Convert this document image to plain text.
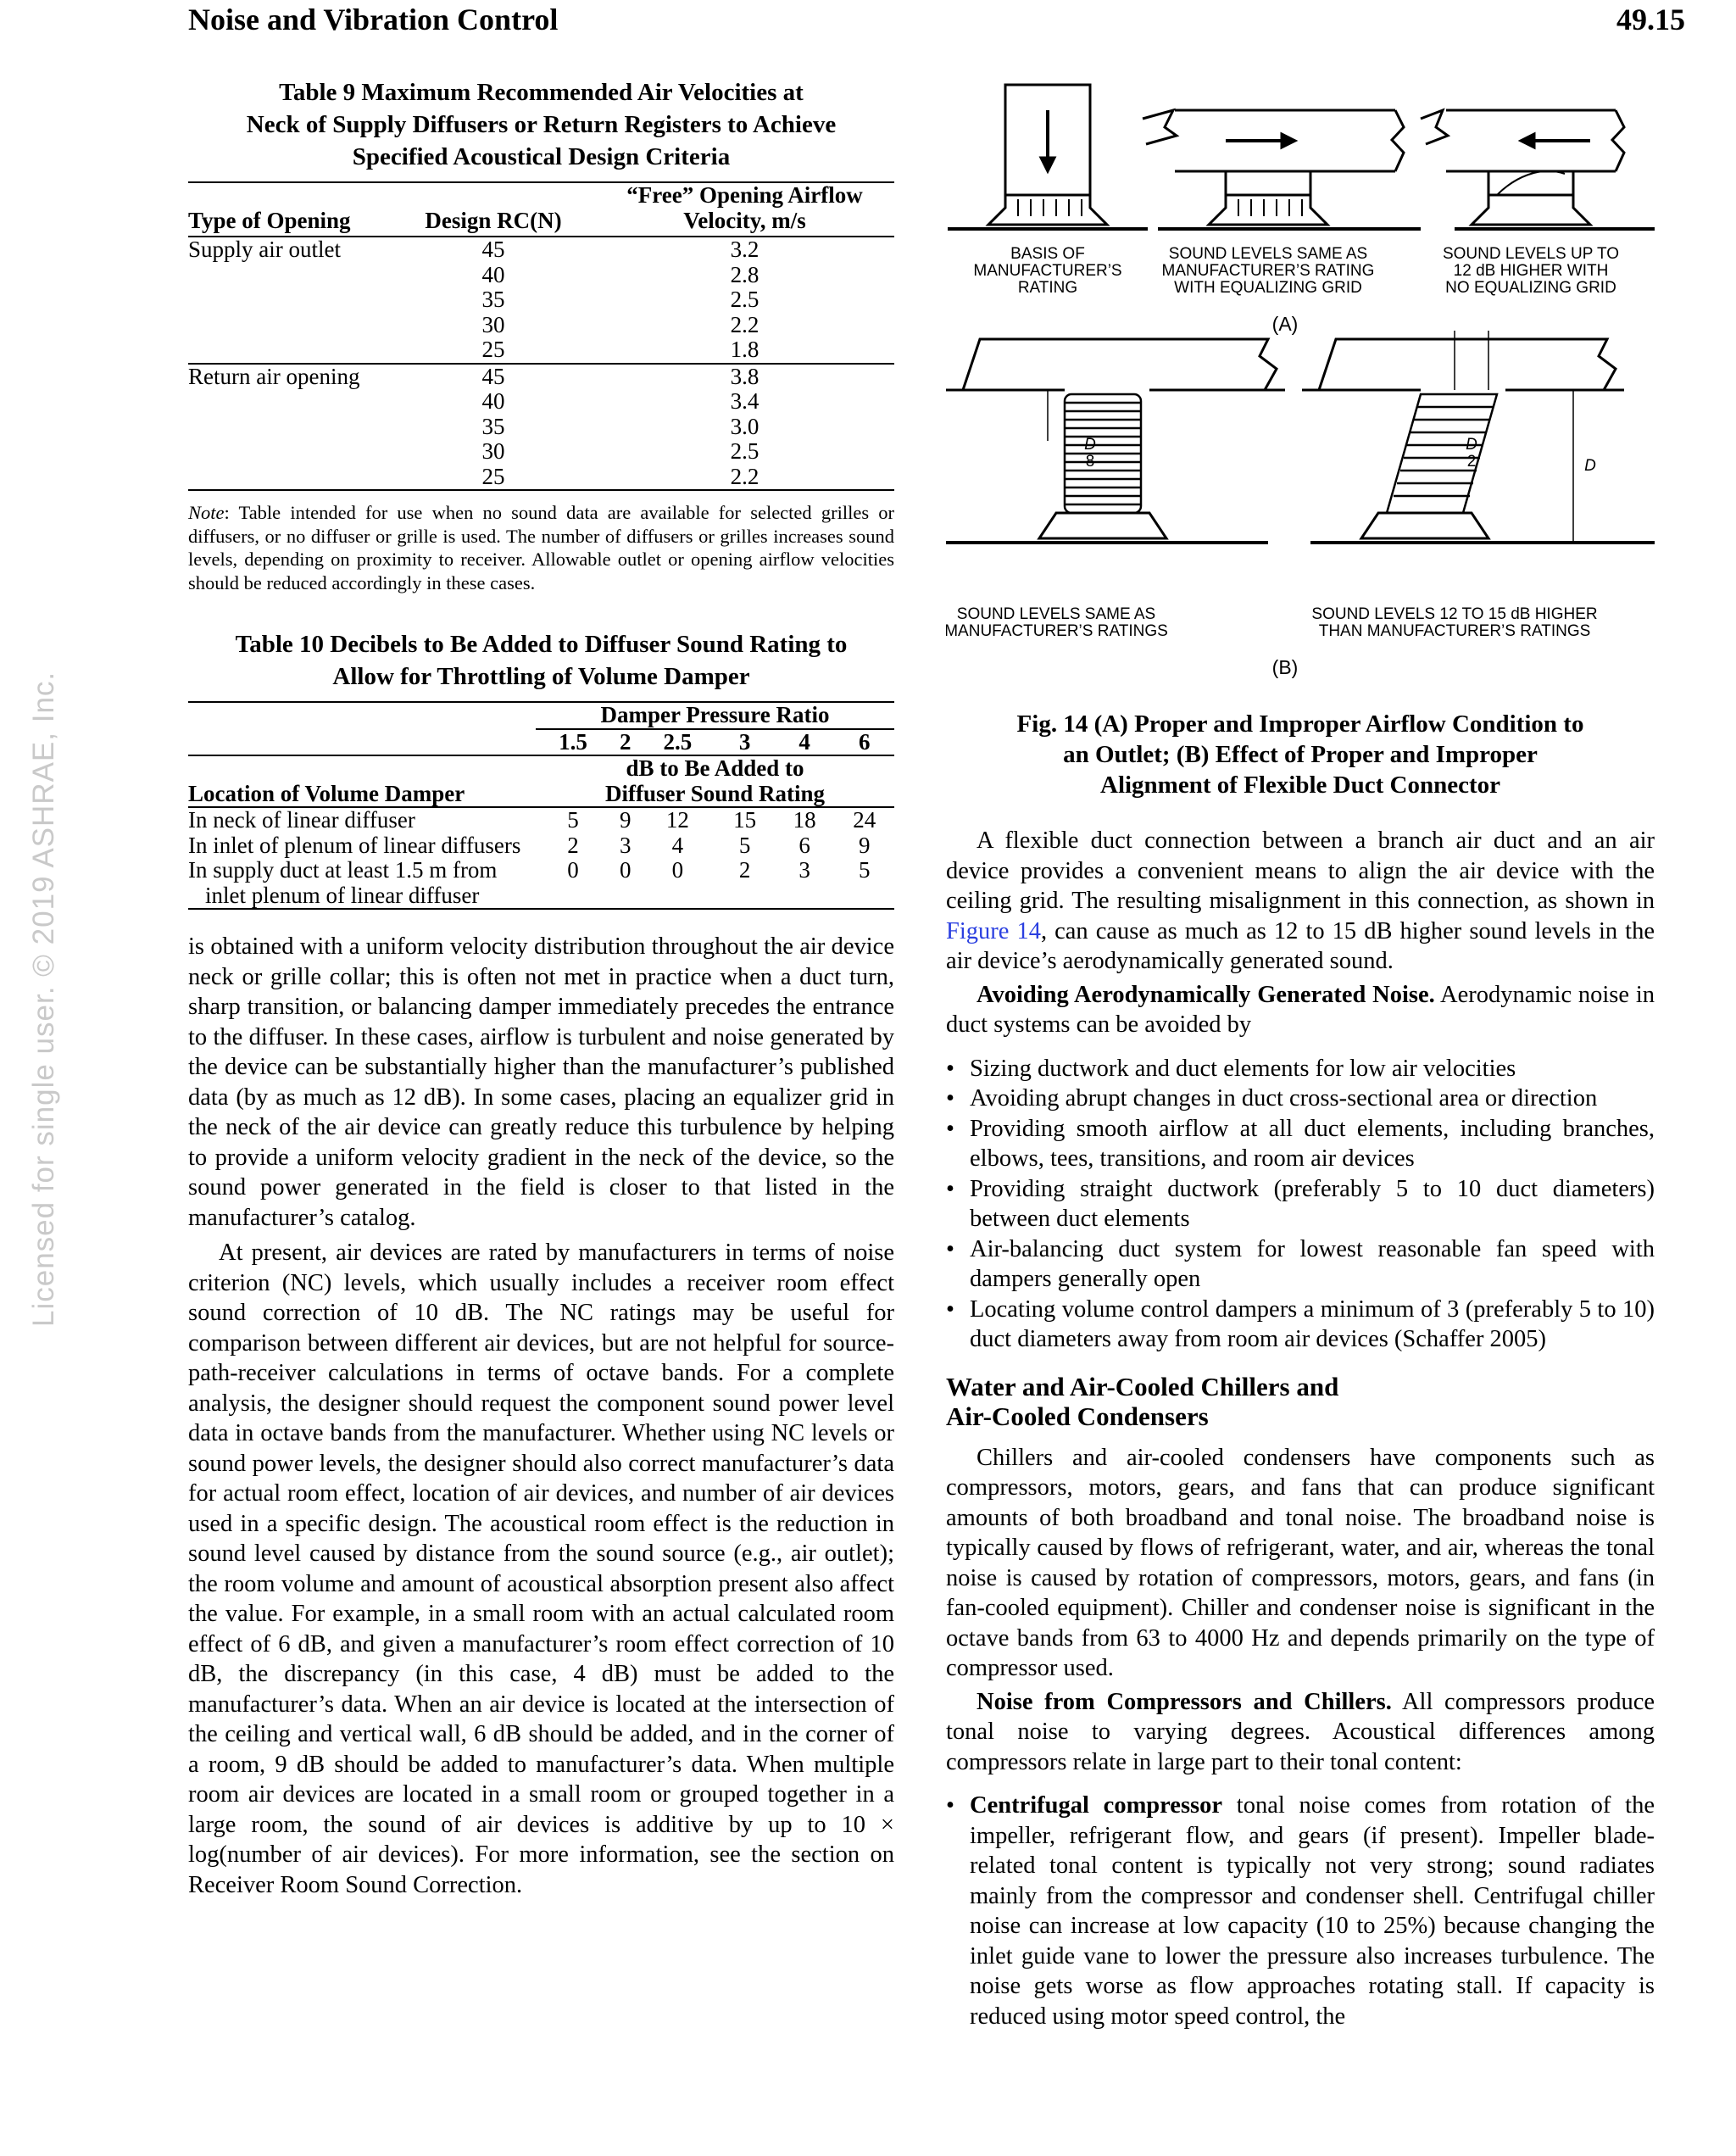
Noise and Vibration Control	49.15
Licensed for single user. © 2019 ASHRAE, Inc.
Table 9 Maximum Recommended Air Velocities at
Neck of Supply Diffusers or Return Registers to Achieve
Specified Acoustical Design Criteria
Type of Opening	Design RC(N)	“Free” Opening Airflow
Velocity, m/s

Supply air outlet	45	3.2
	40	2.8
	35	2.5
	30	2.2
	25	1.8
Return air opening	45	3.8
	40	3.4
	35	3.0
	30	2.5
	25	2.2

Note: Table intended for use when no sound data are available for selected grilles or diffusers, or no diffuser or grille is used. The number of diffusers or grilles increases sound levels, depending on proximity to receiver. Allowable outlet or opening airflow velocities should be reduced accordingly in these cases.

Table 10 Decibels to Be Added to Diffuser Sound Rating to
Allow for Throttling of Volume Damper
	Damper Pressure Ratio					
	1.5	2	2.5	3	4	6
Location of Volume Damper	dB to Be Added to
Diffuser Sound Rating					

In neck of linear diffuser	5	9	12	15	18	24

In inlet of plenum of linear diffusers	2	3	4	5	6	9

In supply duct at least 1.5 m from
inlet plenum of linear diffuser	0	0	0	2	3	5

is obtained with a uniform velocity distribution throughout the air device neck or grille collar; this is often not met in practice when a duct turn, sharp transition, or balancing damper immediately precedes the entrance to the diffuser. In these cases, airflow is turbulent and noise generated by the device can be substantially higher than the manufacturer’s published data (by as much as 12 dB). In some cases, placing an equalizer grid in the neck of the air device can greatly reduce this turbulence by helping to provide a uniform velocity gradient in the neck of the device, so the sound power generated in the field is closer to that listed in the manufacturer’s catalog.

At present, air devices are rated by manufacturers in terms of noise criterion (NC) levels, which usually includes a receiver room effect sound correction of 10 dB. The NC ratings may be useful for comparison between different air devices, but are not helpful for source-path-receiver calculations in terms of octave bands. For a complete analysis, the designer should request the component sound power level data in octave bands from the manufacturer. Whether using NC levels or sound power levels, the designer should also correct manufacturer’s data for actual room effect, location of air devices, and number of air devices used in a specific design. The acoustical room effect is the reduction in sound level caused by distance from the sound source (e.g., air outlet); the room volume and amount of acoustical absorption present also affect the value. For example, in a small room with an actual calculated room effect of 6 dB, and given a manufacturer’s room effect correction of 10 dB, the discrepancy (in this case, 4 dB) must be added to the manufacturer’s data. When an air device is located at the intersection of the ceiling and vertical wall, 6 dB should be added, and in the corner of a room, 9 dB should be added to manufacturer’s data. When multiple room air devices are located in a small room or grouped together in a large room, the sound of air devices is additive by up to 10 × log(number of air devices). For more information, see the section on Receiver Room Sound Correction.

BASIS OF
MANUFACTURER’S
RATING
SOUND LEVELS SAME AS
MANUFACTURER’S RATING
WITH EQUALIZING GRID
SOUND LEVELS UP TO
12 dB HIGHER WITH
NO EQUALIZING GRID
(A)
D
8
D
2	D
SOUND LEVELS SAME AS
MANUFACTURER’S RATINGS
SOUND LEVELS 12 TO 15 dB HIGHER
THAN MANUFACTURER’S RATINGS
(B)
Fig. 14 (A) Proper and Improper Airflow Condition to
an Outlet; (B) Effect of Proper and Improper
Alignment of Flexible Duct Connector

A flexible duct connection between a branch air duct and an air device provides a convenient means to align the air device with the ceiling grid. The resulting misalignment in this connection, as shown in Figure 14, can cause as much as 12 to 15 dB higher sound levels in the air device’s aerodynamically generated sound.

Avoiding Aerodynamically Generated Noise. Aerodynamic noise in duct systems can be avoided by

• Sizing ductwork and duct elements for low air velocities
• Avoiding abrupt changes in duct cross-sectional area or direction
• Providing smooth airflow at all duct elements, including branches, elbows, tees, transitions, and room air devices
• Providing straight ductwork (preferably 5 to 10 duct diameters) between duct elements
• Air-balancing duct system for lowest reasonable fan speed with dampers generally open
• Locating volume control dampers a minimum of 3 (preferably 5 to 10) duct diameters away from room air devices (Schaffer 2005)
Water and Air-Cooled Chillers and
Air-Cooled Condensers

Chillers and air-cooled condensers have components such as compressors, motors, gears, and fans that can produce significant amounts of both broadband and tonal noise. The broadband noise is typically caused by flows of refrigerant, water, and air, whereas the tonal noise is caused by rotation of compressors, motors, gears, and fans (in fan-cooled equipment). Chiller and condenser noise is significant in the octave bands from 63 to 4000 Hz and depends primarily on the type of compressor used.

Noise from Compressors and Chillers. All compressors produce tonal noise to varying degrees. Acoustical differences among compressors relate in large part to their tonal content:

• Centrifugal compressor tonal noise comes from rotation of the impeller, refrigerant flow, and gears (if present). Impeller blade-related tonal content is typically not very strong; sound radiates mainly from the compressor and condenser shell. Centrifugal chiller noise can increase at low capacity (10 to 25%) because changing the inlet guide vane to lower the pressure also increases turbulence. The noise gets worse as flow approaches rotating stall. If capacity is reduced using motor speed control, the
